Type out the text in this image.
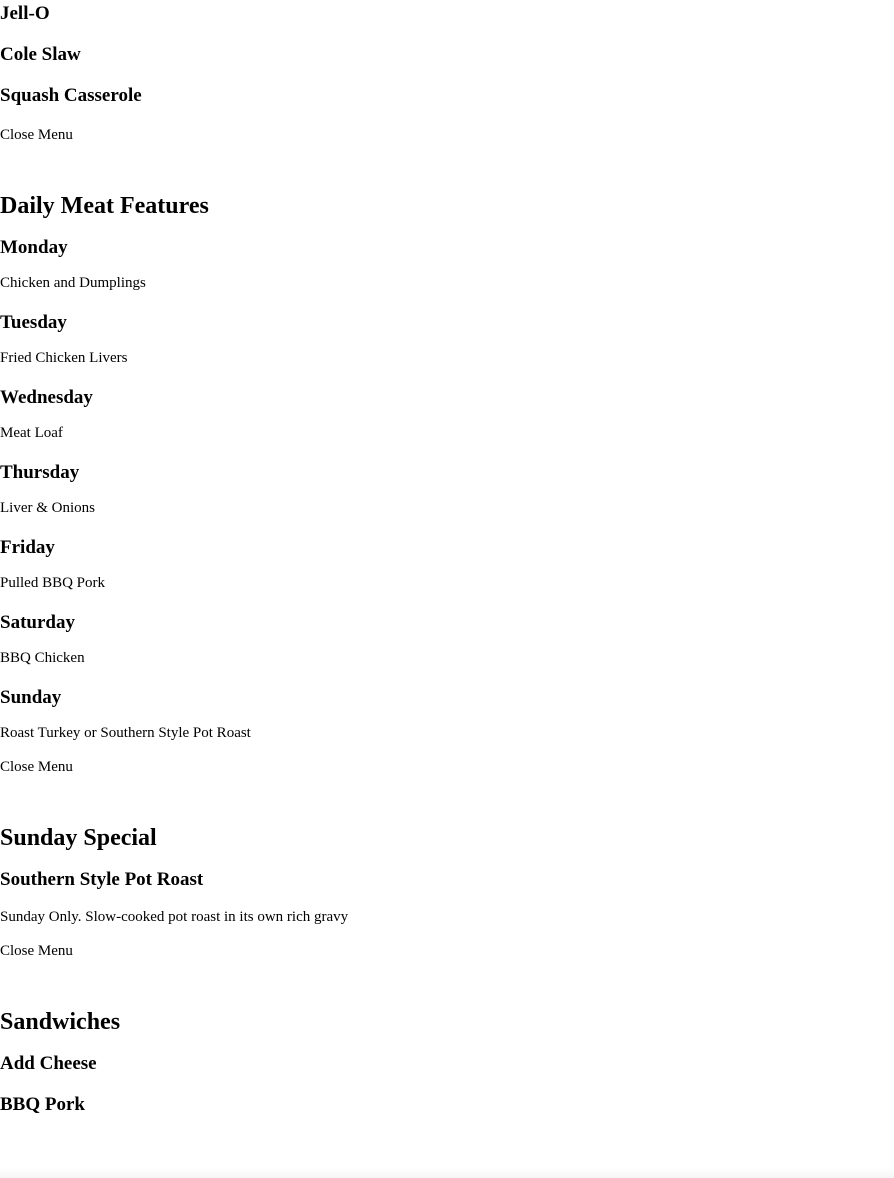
Jell-O
Cole Slaw
Squash Casserole
Close Menu
Daily Meat Features
Monday

Chicken and Dumplings

Tuesday

Fried Chicken Livers

Wednesday

Meat Loaf

Thursday

Liver & Onions

Friday

Pulled BBQ Pork

Saturday

BBQ Chicken

Sunday

Roast Turkey or Southern Style Pot Roast

Close Menu
Sunday Special
Southern Style Pot Roast

Sunday Only. Slow-cooked pot roast in its own rich gravy

Close Menu
Sandwiches
Add Cheese
BBQ Pork
